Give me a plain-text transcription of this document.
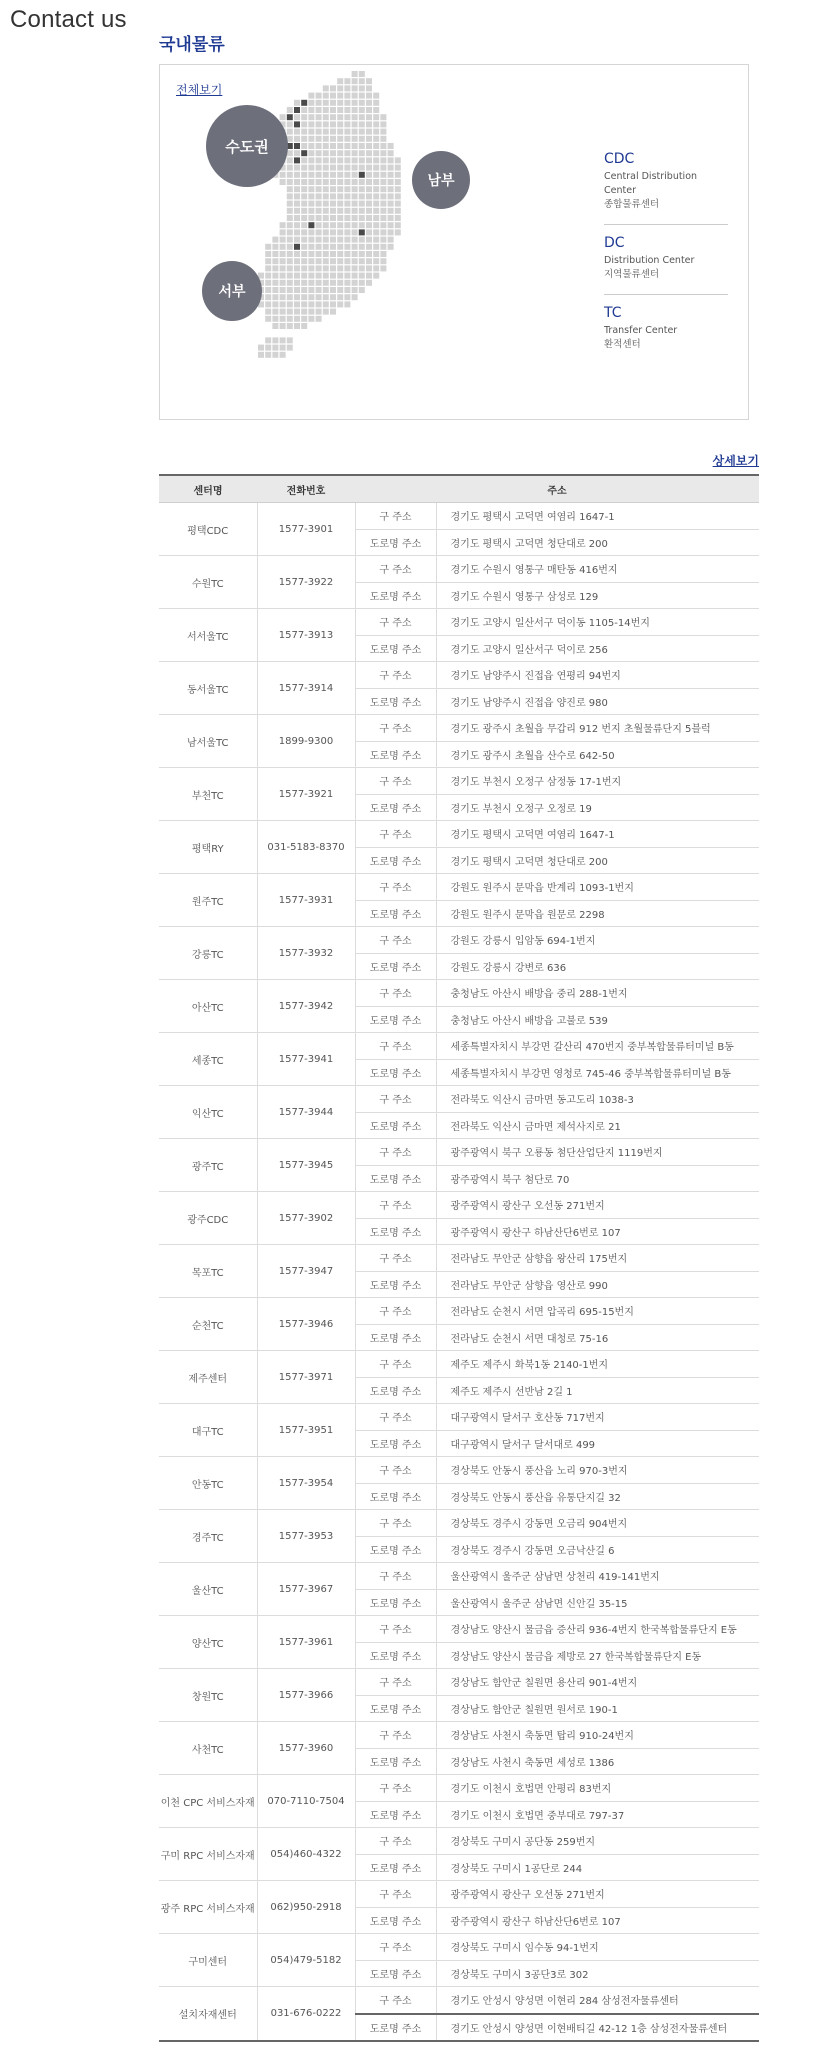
Contact us
국내물류
전체보기
수도권
남부
서부
CDC
Central Distribution Center
종합물류센터
DC
Distribution Center
지역물류센터
TC
Transfer Center
환적센터
상세보기
센터명	전화번호	주소	
평택CDC	1577-3901	구 주소	경기도 평택시 고덕면 여염리 1647-1
		도로명 주소	경기도 평택시 고덕면 청단대로 200
수원TC	1577-3922	구 주소	경기도 수원시 영통구 매탄동 416번지
		도로명 주소	경기도 수원시 영통구 삼성로 129
서서울TC	1577-3913	구 주소	경기도 고양시 일산서구 덕이동 1105-14번지
		도로명 주소	경기도 고양시 일산서구 덕이로 256
동서울TC	1577-3914	구 주소	경기도 남양주시 진접읍 연평리 94번지
		도로명 주소	경기도 남양주시 진접읍 양진로 980
남서울TC	1899-9300	구 주소	경기도 광주시 초월읍 무갑리 912 번지 초월물류단지 5블럭
		도로명 주소	경기도 광주시 초월읍 산수로 642-50
부천TC	1577-3921	구 주소	경기도 부천시 오정구 삼정동 17-1번지
		도로명 주소	경기도 부천시 오정구 오정로 19
평택RY	031-5183-8370	구 주소	경기도 평택시 고덕면 여염리 1647-1
		도로명 주소	경기도 평택시 고덕면 청단대로 200
원주TC	1577-3931	구 주소	강원도 원주시 문막읍 반계리 1093-1번지
		도로명 주소	강원도 원주시 문막읍 원문로 2298
강릉TC	1577-3932	구 주소	강원도 강릉시 입암동 694-1번지
		도로명 주소	강원도 강릉시 강변로 636
아산TC	1577-3942	구 주소	충청남도 아산시 배방읍 중리 288-1번지
		도로명 주소	충청남도 아산시 배방읍 고불로 539
세종TC	1577-3941	구 주소	세종특별자치시 부강면 갈산리 470번지 중부복합물류터미널 B동
		도로명 주소	세종특별자치시 부강면 영청로 745-46 중부복합물류터미널 B동
익산TC	1577-3944	구 주소	전라북도 익산시 금마면 동고도리 1038-3
		도로명 주소	전라북도 익산시 금마면 제석사지로 21
광주TC	1577-3945	구 주소	광주광역시 북구 오룡동 첨단산업단지 1119번지
		도로명 주소	광주광역시 북구 첨단로 70
광주CDC	1577-3902	구 주소	광주광역시 광산구 오선동 271번지
		도로명 주소	광주광역시 광산구 하남산단6번로 107
목포TC	1577-3947	구 주소	전라남도 무안군 삼향읍 왕산리 175번지
		도로명 주소	전라남도 무안군 삼향읍 영산로 990
순천TC	1577-3946	구 주소	전라남도 순천시 서면 압곡리 695-15번지
		도로명 주소	전라남도 순천시 서면 대청로 75-16
제주센터	1577-3971	구 주소	제주도 제주시 화북1동 2140-1번지
		도로명 주소	제주도 제주시 선반남 2길 1
대구TC	1577-3951	구 주소	대구광역시 달서구 호산동 717번지
		도로명 주소	대구광역시 달서구 달서대로 499
안동TC	1577-3954	구 주소	경상북도 안동시 풍산읍 노리 970-3번지
		도로명 주소	경상북도 안동시 풍산읍 유통단지길 32
경주TC	1577-3953	구 주소	경상북도 경주시 강동면 오금리 904번지
		도로명 주소	경상북도 경주시 강동면 오금낙산길 6
울산TC	1577-3967	구 주소	울산광역시 울주군 삼남면 상천리 419-141번지
		도로명 주소	울산광역시 울주군 삼남면 신안길 35-15
양산TC	1577-3961	구 주소	경상남도 양산시 물금읍 증산리 936-4번지 한국복합물류단지 E동
		도로명 주소	경상남도 양산시 물금읍 제방로 27 한국복합물류단지 E동
창원TC	1577-3966	구 주소	경상남도 함안군 칠원면 용산리 901-4번지
		도로명 주소	경상남도 함안군 칠원면 원서로 190-1
사천TC	1577-3960	구 주소	경상남도 사천시 축동면 탑리 910-24번지
		도로명 주소	경상남도 사천시 축동면 세성로 1386
이천 CPC 서비스자재	070-7110-7504	구 주소	경기도 이천시 호법면 안평리 83번지
		도로명 주소	경기도 이천시 호법면 중부대로 797-37
구미 RPC 서비스자재	054)460-4322	구 주소	경상북도 구미시 공단동 259번지
		도로명 주소	경상북도 구미시 1공단로 244
광주 RPC 서비스자재	062)950-2918	구 주소	광주광역시 광산구 오선동 271번지
		도로명 주소	광주광역시 광산구 하남산단6번로 107
구미센터	054)479-5182	구 주소	경상북도 구미시 임수동 94-1번지
		도로명 주소	경상북도 구미시 3공단3로 302
설치자재센터	031-676-0222	구 주소	경기도 안성시 양성면 이현리 284 삼성전자물류센터
		도로명 주소	경기도 안성시 양성면 이현배티길 42-12 1층 삼성전자물류센터
